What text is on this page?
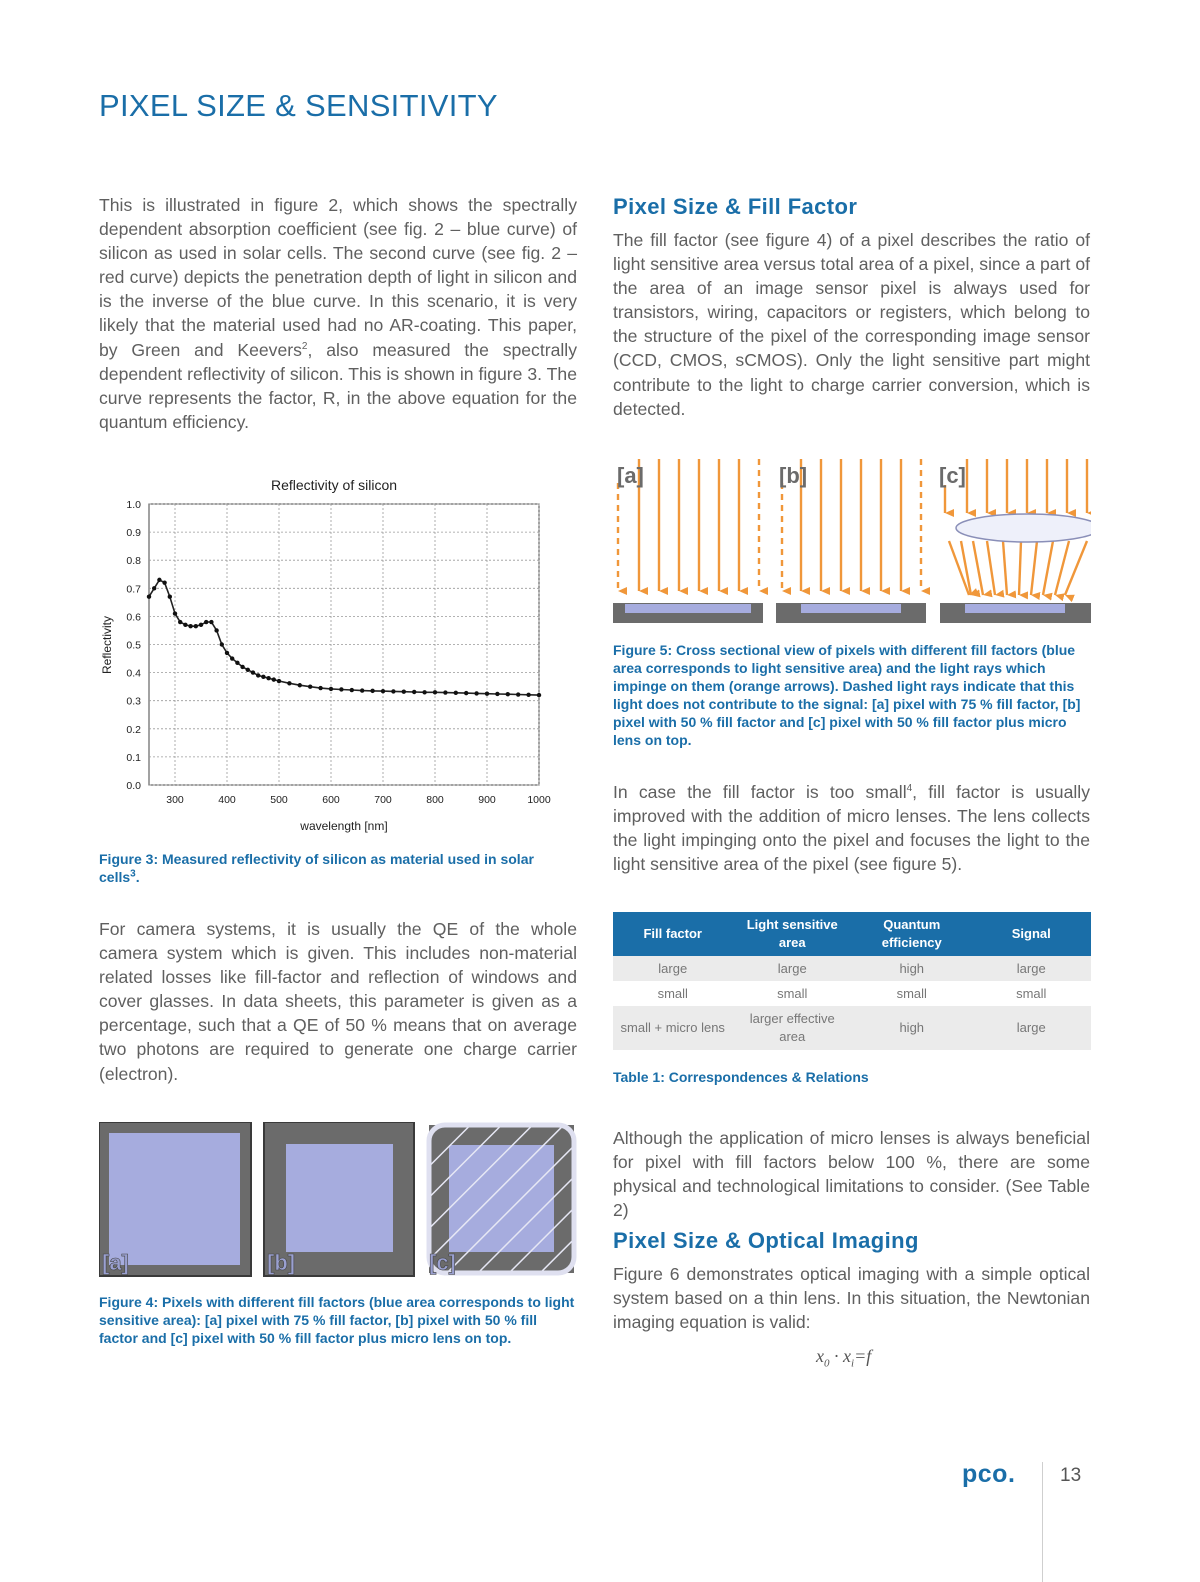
PIXEL SIZE & SENSITIVITY

This is illustrated in figure 2, which shows the spectrally dependent absorption coefficient (see fig. 2 – blue curve) of silicon as used in solar cells. The second curve (see fig. 2 – red curve) depicts the penetration depth of light in silicon and is the inverse of the blue curve. In this scenario, it is very likely that the material used had no AR-coating. This paper, by Green and Keevers$^2$, also measured the spectrally dependent reflectivity of silicon. This is shown in figure 3. The curve represents the factor, R, in the above equation for the quantum efficiency.

300	400	500	600	700	800	900	1000
0.0
0.1
0.2
0.3
0.4
0.5
0.6
0.7
0.8
0.9
1.0
Reflectivity of silicon
wavelength [nm]
Reflectivity

Figure 3: Measured reflectivity of silicon as material used in solar cells$^3$.

For camera systems, it is usually the QE of the whole camera system which is given. This includes non-material related losses like fill-factor and reflection of windows and cover glasses. In data sheets, this parameter is given as a percentage, such that a QE of 50 % means that on average two photons are required to generate one charge carrier (electron).

[a]	[b]	[c]

Figure 4: Pixels with different fill factors (blue area corresponds to light sensitive area): [a] pixel with 75 % fill factor, [b] pixel with 50 % fill factor and [c] pixel with 50 % fill factor plus micro lens on top.

Pixel Size & Fill Factor

The fill factor (see figure 4) of a pixel describes the ratio of light sensitive area versus total area of a pixel, since a part of the area of an image sensor pixel is always used for transistors, wiring, capacitors or registers, which belong to the structure of the pixel of the corresponding image sensor (CCD, CMOS, sCMOS). Only the light sensitive part might contribute to the light to charge carrier conversion, which is detected.

[a]	[b]	[c]

Figure 5: Cross sectional view of pixels with different fill factors (blue area corresponds to light sensitive area) and the light rays which impinge on them (orange arrows). Dashed light rays indicate that this light does not contribute to the signal: [a] pixel with 75 % fill factor, [b] pixel with 50 % fill factor and [c] pixel with 50 % fill factor plus micro lens on top.

In case the fill factor is too small$^4$, fill factor is usually improved with the addition of micro lenses. The lens collects the light impinging onto the pixel and focuses the light to the light sensitive area of the pixel (see figure 5).

Fill factor	Light sensitive area	Quantum efficiency	Signal
large	large	high	large
small	small	small	small
small + micro lens	larger effective area	high	large

Table 1: Correspondences & Relations

Although the application of micro lenses is always beneficial for pixel with fill factors below 100 %, there are some physical and technological limitations to consider. (See Table 2)

Pixel Size & Optical Imaging

Figure 6 demonstrates optical imaging with a simple optical system based on a thin lens. In this situation, the Newtonian imaging equation is valid:

$x_0 \cdot x_i=f$
pco. 13
